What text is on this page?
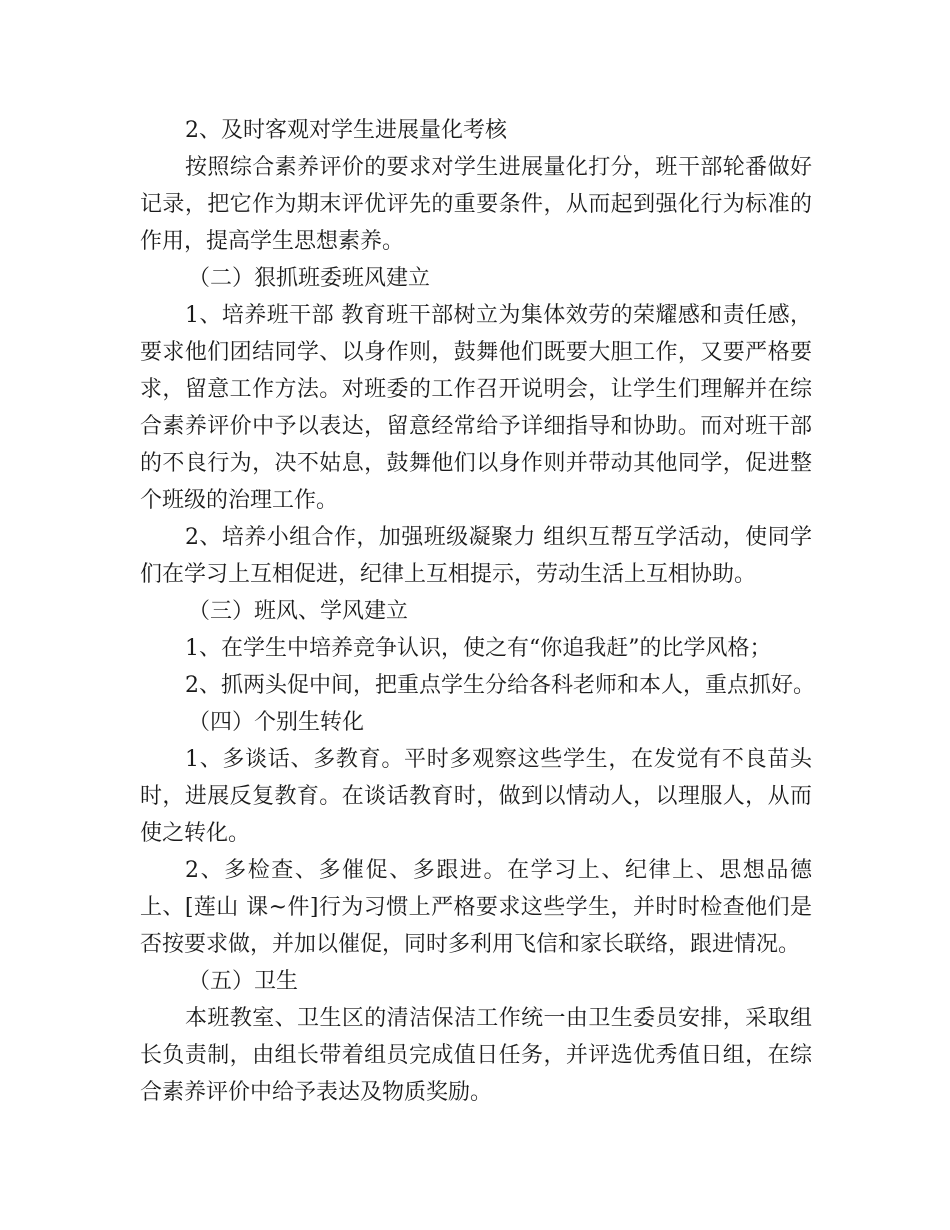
2、及时客观对学生进展量化考核

按照综合素养评价的要求对学生进展量化打分，班干部轮番做好记录，把它作为期末评优评先的重要条件，从而起到强化行为标准的作用，提高学生思想素养。

（二）狠抓班委班风建立

1、培养班干部 教育班干部树立为集体效劳的荣耀感和责任感，要求他们团结同学、以身作则，鼓舞他们既要大胆工作，又要严格要求，留意工作方法。对班委的工作召开说明会，让学生们理解并在综合素养评价中予以表达，留意经常给予详细指导和协助。而对班干部的不良行为，决不姑息，鼓舞他们以身作则并带动其他同学，促进整个班级的治理工作。

2、培养小组合作，加强班级凝聚力 组织互帮互学活动，使同学们在学习上互相促进，纪律上互相提示，劳动生活上互相协助。

（三）班风、学风建立

1、在学生中培养竞争认识，使之有“你追我赶”的比学风格；

2、抓两头促中间，把重点学生分给各科老师和本人，重点抓好。

（四）个别生转化

1、多谈话、多教育。平时多观察这些学生，在发觉有不良苗头时，进展反复教育。在谈话教育时，做到以情动人，以理服人，从而使之转化。

2、多检查、多催促、多跟进。在学习上、纪律上、思想品德上、[莲山 课~件]行为习惯上严格要求这些学生，并时时检查他们是否按要求做，并加以催促，同时多利用飞信和家长联络，跟进情况。

（五）卫生

本班教室、卫生区的清洁保洁工作统一由卫生委员安排，采取组长负责制，由组长带着组员完成值日任务，并评选优秀值日组，在综合素养评价中给予表达及物质奖励。
